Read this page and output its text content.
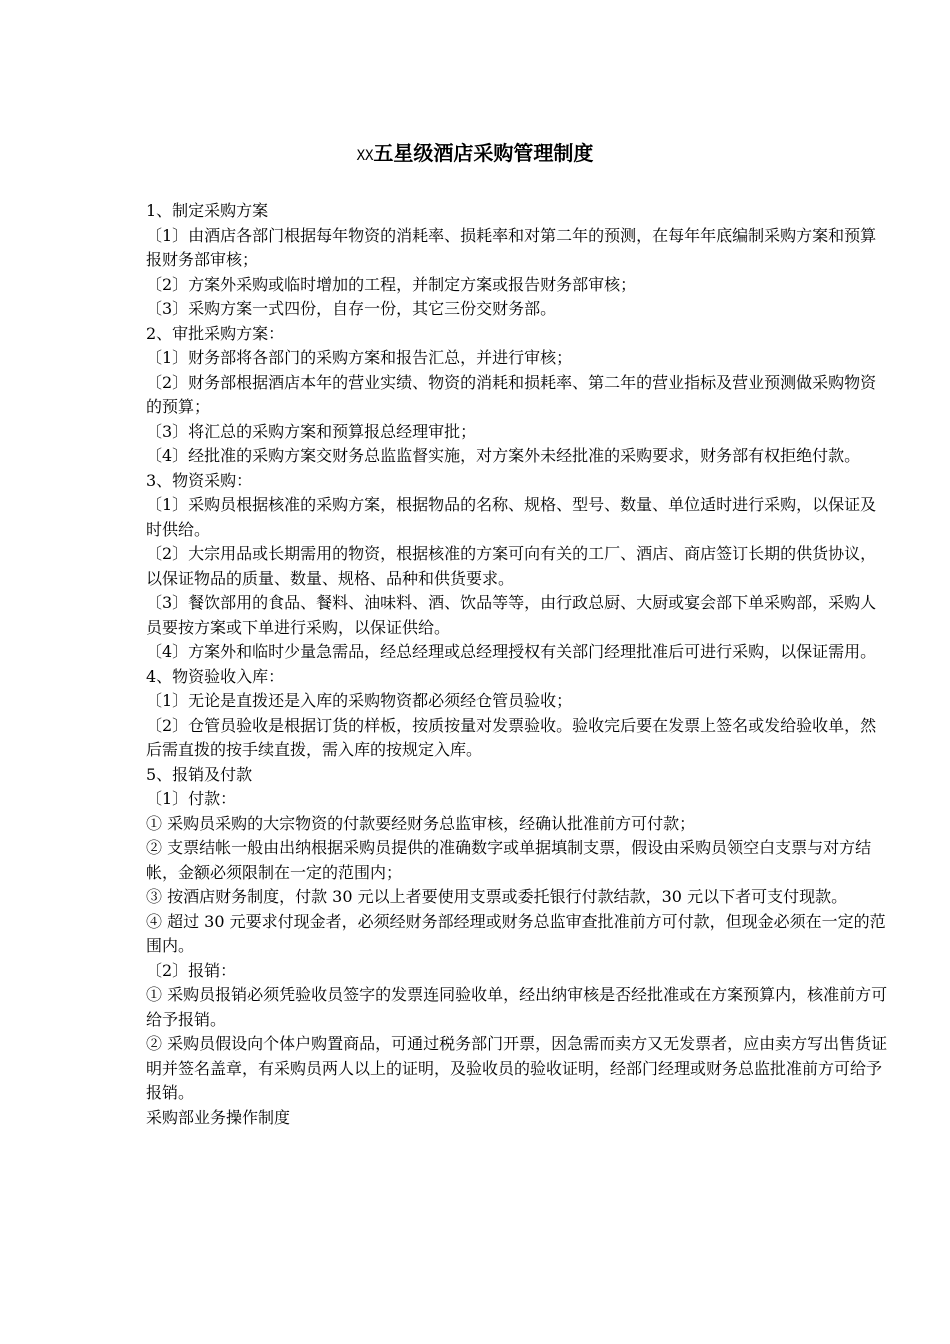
XX五星级酒店采购管理制度

1、制定采购方案

〔1〕由酒店各部门根据每年物资的消耗率、损耗率和对第二年的预测，在每年年底编制采购方案和预算报财务部审核；

〔2〕方案外采购或临时增加的工程，并制定方案或报告财务部审核；

〔3〕采购方案一式四份，自存一份，其它三份交财务部。

2、审批采购方案：

〔1〕财务部将各部门的采购方案和报告汇总，并进行审核；

〔2〕财务部根据酒店本年的营业实绩、物资的消耗和损耗率、第二年的营业指标及营业预测做采购物资的预算；

〔3〕将汇总的采购方案和预算报总经理审批；

〔4〕经批准的采购方案交财务总监监督实施，对方案外未经批准的采购要求，财务部有权拒绝付款。

3、物资采购：

〔1〕采购员根据核准的采购方案，根据物品的名称、规格、型号、数量、单位适时进行采购，以保证及时供给。

〔2〕大宗用品或长期需用的物资，根据核准的方案可向有关的工厂、酒店、商店签订长期的供货协议，以保证物品的质量、数量、规格、品种和供货要求。

〔3〕餐饮部用的食品、餐料、油味料、酒、饮品等等，由行政总厨、大厨或宴会部下单采购部，采购人员要按方案或下单进行采购，以保证供给。

〔4〕方案外和临时少量急需品，经总经理或总经理授权有关部门经理批准后可进行采购，以保证需用。

4、物资验收入库：

〔1〕无论是直拨还是入库的采购物资都必须经仓管员验收；

〔2〕仓管员验收是根据订货的样板，按质按量对发票验收。验收完后要在发票上签名或发给验收单，然后需直拨的按手续直拨，需入库的按规定入库。

5、报销及付款

〔1〕付款：

① 采购员采购的大宗物资的付款要经财务总监审核，经确认批准前方可付款；

② 支票结帐一般由出纳根据采购员提供的准确数字或单据填制支票，假设由采购员领空白支票与对方结帐，金额必须限制在一定的范围内；

③ 按酒店财务制度，付款 30 元以上者要使用支票或委托银行付款结款，30 元以下者可支付现款。

④ 超过 30 元要求付现金者，必须经财务部经理或财务总监审查批准前方可付款，但现金必须在一定的范围内。

〔2〕报销：

① 采购员报销必须凭验收员签字的发票连同验收单，经出纳审核是否经批准或在方案预算内，核准前方可给予报销。

② 采购员假设向个体户购置商品，可通过税务部门开票，因急需而卖方又无发票者，应由卖方写出售货证明并签名盖章，有采购员两人以上的证明，及验收员的验收证明，经部门经理或财务总监批准前方可给予报销。

采购部业务操作制度
